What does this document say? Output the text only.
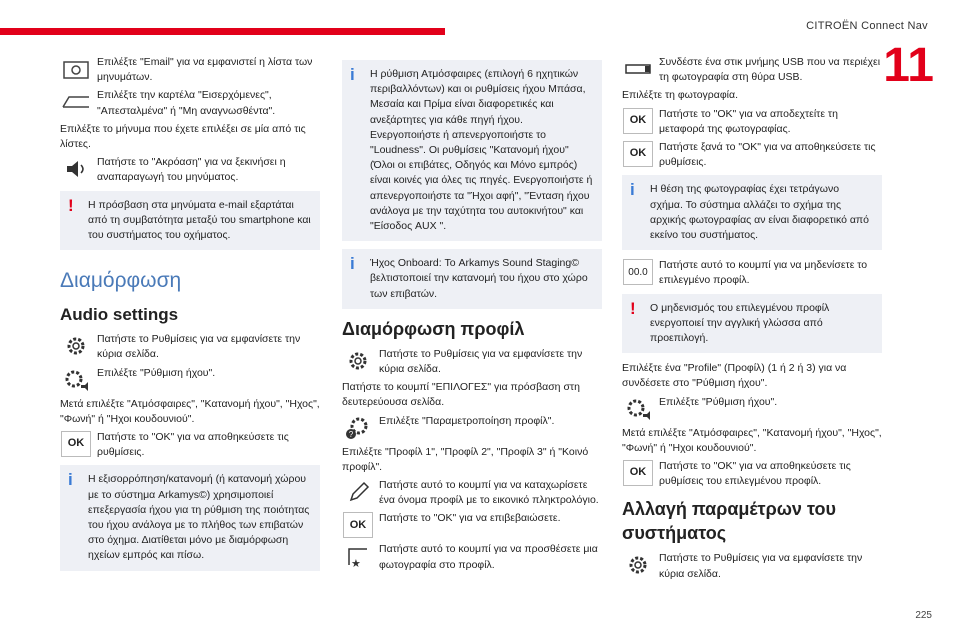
CITROËN Connect Nav
11
225
Επιλέξτε "Email" για να εμφανιστεί η λίστα των μηνυμάτων.
Επιλέξτε την καρτέλα "Εισερχόμενες", "Απεσταλμένα" ή "Μη αναγνωσθέντα".

Επιλέξτε το μήνυμα που έχετε επιλέξει σε μία από τις λίστες.

Πατήστε το "Ακρόαση" για να ξεκινήσει η αναπαραγωγή του μηνύματος.
! Η πρόσβαση στα μηνύματα e-mail εξαρτάται από τη συμβατότητα μεταξύ του smartphone και του συστήματος του οχήματος.
Διαμόρφωση
Audio settings
Πατήστε το Ρυθμίσεις για να εμφανίσετε την κύρια σελίδα.
Επιλέξτε "Ρύθμιση ήχου".

Μετά επιλέξτε "Ατμόσφαιρες", "Κατανομή ήχου", "Ηχος", "Φωνή" ή "Ηχοι κουδουνιού".

OK
Πατήστε το "OK" για να αποθηκεύσετε τις ρυθμίσεις.
i Η εξισορρόπηση/κατανομή (ή κατανομή χώρου με το σύστημα Arkamys©) χρησιμοποιεί επεξεργασία ήχου για τη ρύθμιση της ποιότητας του ήχου ανάλογα με το πλήθος των επιβατών στο όχημα. Διατίθεται μόνο με διαμόρφωση ηχείων εμπρός και πίσω.
i Η ρύθμιση Ατμόσφαιρες (επιλογή 6 ηχητικών περιβαλλόντων) και οι ρυθμίσεις ήχου Μπάσα, Μεσαία και Πρίμα είναι διαφορετικές και ανεξάρτητες για κάθε πηγή ήχου. Ενεργοποιήστε ή απενεργοποιήστε το "Loudness". Οι ρυθμίσεις "Κατανομή ήχου" (Όλοι οι επιβάτες, Οδηγός και Μόνο εμπρός) είναι κοινές για όλες τις πηγές. Ενεργοποιήστε ή απενεργοποιήστε τα "Ήχοι αφή", "Ένταση ήχου ανάλογα με την ταχύτητα του αυτοκινήτου" και "Είσοδος AUX ".
i Ήχος Onboard: Το Arkamys Sound Staging© βελτιστοποιεί την κατανομή του ήχου στο χώρο των επιβατών.
Διαμόρφωση προφίλ
Πατήστε το Ρυθμίσεις για να εμφανίσετε την κύρια σελίδα.

Πατήστε το κουμπί "ΕΠΙΛΟΓΕΣ" για πρόσβαση στη δευτερεύουσα σελίδα.

?
Επιλέξτε "Παραμετροποίηση προφίλ".

Επιλέξτε "Προφίλ 1", "Προφίλ 2", "Προφίλ 3" ή "Κοινό προφίλ".

Πατήστε αυτό το κουμπί για να καταχωρίσετε ένα όνομα προφίλ με το εικονικό πληκτρολόγιο.
OK
Πατήστε το "OK" για να επιβεβαιώσετε.
★
Πατήστε αυτό το κουμπί για να προσθέσετε μια φωτογραφία στο προφίλ.
Συνδέστε ένα στικ μνήμης USB που να περιέχει τη φωτογραφία στη θύρα USB.

Επιλέξτε τη φωτογραφία.

OK
Πατήστε το "OK" για να αποδεχτείτε τη μεταφορά της φωτογραφίας.
OK
Πατήστε ξανά το "OK" για να αποθηκεύσετε τις ρυθμίσεις.
i Η θέση της φωτογραφίας έχει τετράγωνο σχήμα. Το σύστημα αλλάζει το σχήμα της αρχικής φωτογραφίας αν είναι διαφορετικό από εκείνο του συστήματος.
00.0
Πατήστε αυτό το κουμπί για να μηδενίσετε το επιλεγμένο προφίλ.
! Ο μηδενισμός του επιλεγμένου προφίλ ενεργοποιεί την αγγλική γλώσσα από προεπιλογή.

Επιλέξτε ένα "Profile" (Προφίλ) (1 ή 2 ή 3) για να συνδέσετε στο "Ρύθμιση ήχου".

Επιλέξτε "Ρύθμιση ήχου".

Μετά επιλέξτε "Ατμόσφαιρες", "Κατανομή ήχου", "Ηχος", "Φωνή" ή "Ηχοι κουδουνιού".

OK
Πατήστε το "OK" για να αποθηκεύσετε τις ρυθμίσεις του επιλεγμένου προφίλ.
Αλλαγή παραμέτρων του συστήματος
Πατήστε το Ρυθμίσεις για να εμφανίσετε την κύρια σελίδα.
